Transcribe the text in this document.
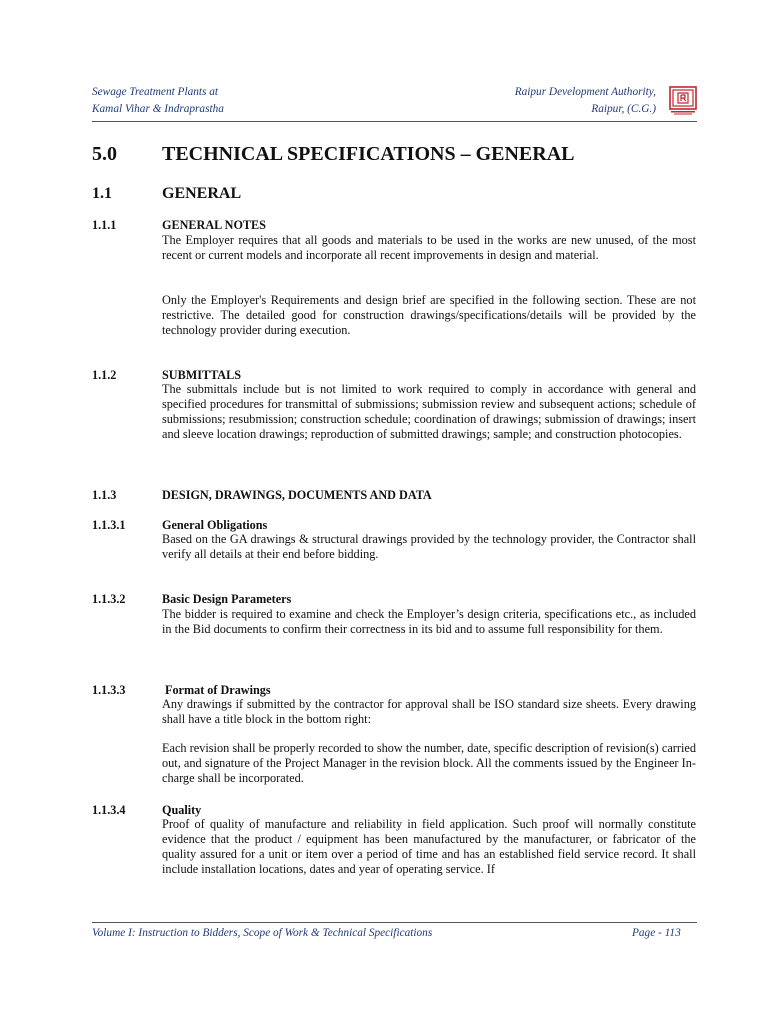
Sewage Treatment Plants at
Kamal Vihar & Indraprastha
Raipur Development Authority,
Raipur, (C.G.)
5.0 TECHNICAL SPECIFICATIONS – GENERAL
1.1	GENERAL
1.1.1	GENERAL NOTES

The Employer requires that all goods and materials to be used in the works are new unused, of the most recent or current models and incorporate all recent improvements in design and material.

Only the Employer's Requirements and design brief are specified in the following section. These are not restrictive. The detailed good for construction drawings/specifications/details will be provided by the technology provider during execution.

1.1.2	SUBMITTALS

The submittals include but is not limited to work required to comply in accordance with general and specified procedures for transmittal of submissions; submission review and subsequent actions; schedule of submissions; resubmission; construction schedule; coordination of drawings; submission of drawings; insert and sleeve location drawings; reproduction of submitted drawings; sample; and construction photocopies.

1.1.3	DESIGN, DRAWINGS, DOCUMENTS AND DATA
1.1.3.1	General Obligations

Based on the GA drawings & structural drawings provided by the technology provider, the Contractor shall verify all details at their end before bidding.

1.1.3.2	Basic Design Parameters

The bidder is required to examine and check the Employer’s design criteria, specifications etc., as included in the Bid documents to confirm their correctness in its bid and to assume full responsibility for them.

1.1.3.3	Format of Drawings

Any drawings if submitted by the contractor for approval shall be ISO standard size sheets. Every drawing shall have a title block in the bottom right:

Each revision shall be properly recorded to show the number, date, specific description of revision(s) carried out, and signature of the Project Manager in the revision block. All the comments issued by the Engineer In-charge shall be incorporated.

1.1.3.4	Quality

Proof of quality of manufacture and reliability in field application. Such proof will normally constitute evidence that the product / equipment has been manufactured by the manufacturer, or fabricator of the quality assured for a unit or item over a period of time and has an established field service record. It shall include installation locations, dates and year of operating service. If

Volume I: Instruction to Bidders, Scope of Work & Technical Specifications	Page - 113
